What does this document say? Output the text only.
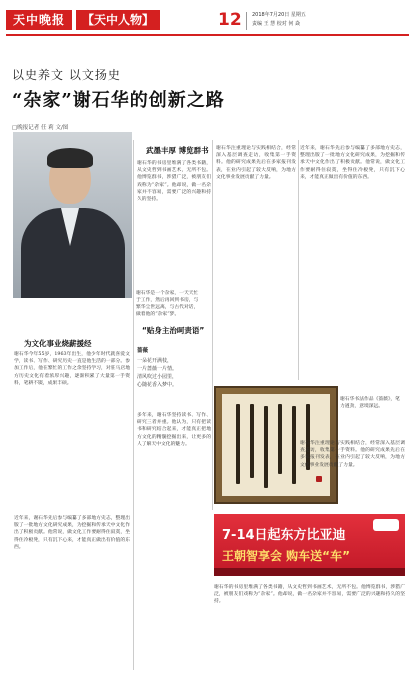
天中晚报	【天中人物】	12 2018年7月20日 星期五
责编 王 慧 校对 何 焱
以史养文 以文扬史
“杂家”谢石华的创新之路
□晚报记者 任 莉 文/图
谢石华是一个杂家，一天天忙于工作，然后再回到书房，与繁华尘世远离，与古代对话，做着他的“杂家”梦。
为文化事业烧薪援经
谢石华今年55岁，1963年出生，他少年时代就喜爱文学，读书、写作、研究历史一直是他生活的一部分。参加工作后，他在繁忙的工作之余坚持学习，对驻马店地方历史文化有着浓厚兴趣，逐渐积累了大量第一手资料，笔耕不辍，成果丰硕。
近年来，谢石华先后参与编纂了多部地方史志，整理出版了一批地方文化研究成果，为挖掘和传承天中文化作出了积极贡献。他常说，做文化工作要耐得住寂寞，坐得住冷板凳，只有沉下心来，才能真正做出有价值的东西。
武墨丰厚 博览群书
谢石华的书房里堆满了各类书籍，从文史哲到书画艺术，无所不包。他博览群书，涉猎广泛，被朋友们戏称为“杂家”。他却说，做一名杂家并不容易，需要广泛的兴趣和持久的坚持。
谢石华注重理论与实践相结合，经常深入基层调查走访，收集第一手资料。他的研究成果先后在多家报刊发表，在业内引起了较大反响，为地方文化事业发展贡献了力量。
“贴身主治呵责语”
蔷薇
一朵花开满枝，
一片蔷薇一片情。
清风吹过小园里，
心随花香入梦中。
多年来，谢石华坚持读书、写作、研究三者并重。他认为，只有把读书和研究结合起来，才能真正把地方文化的精髓挖掘出来，让更多的人了解天中文化的魅力。
近年来，谢石华先后参与编纂了多部地方史志，整理出版了一批地方文化研究成果，为挖掘和传承天中文化作出了积极贡献。他常说，做文化工作要耐得住寂寞，坐得住冷板凳，只有沉下心来，才能真正做出有价值的东西。
谢石华书法作品《蔷薇》，笔力遒劲，意境深远。
谢石华注重理论与实践相结合，经常深入基层调查走访，收集第一手资料。他的研究成果先后在多家报刊发表，在业内引起了较大反响，为地方文化事业发展贡献了力量。
谢石华的书房里堆满了各类书籍，从文史哲到书画艺术，无所不包。他博览群书，涉猎广泛，被朋友们戏称为“杂家”。他却说，做一名杂家并不容易，需要广泛的兴趣和持久的坚持。
7-14日起东方比亚迪
王朝智享会 购车送“车”
